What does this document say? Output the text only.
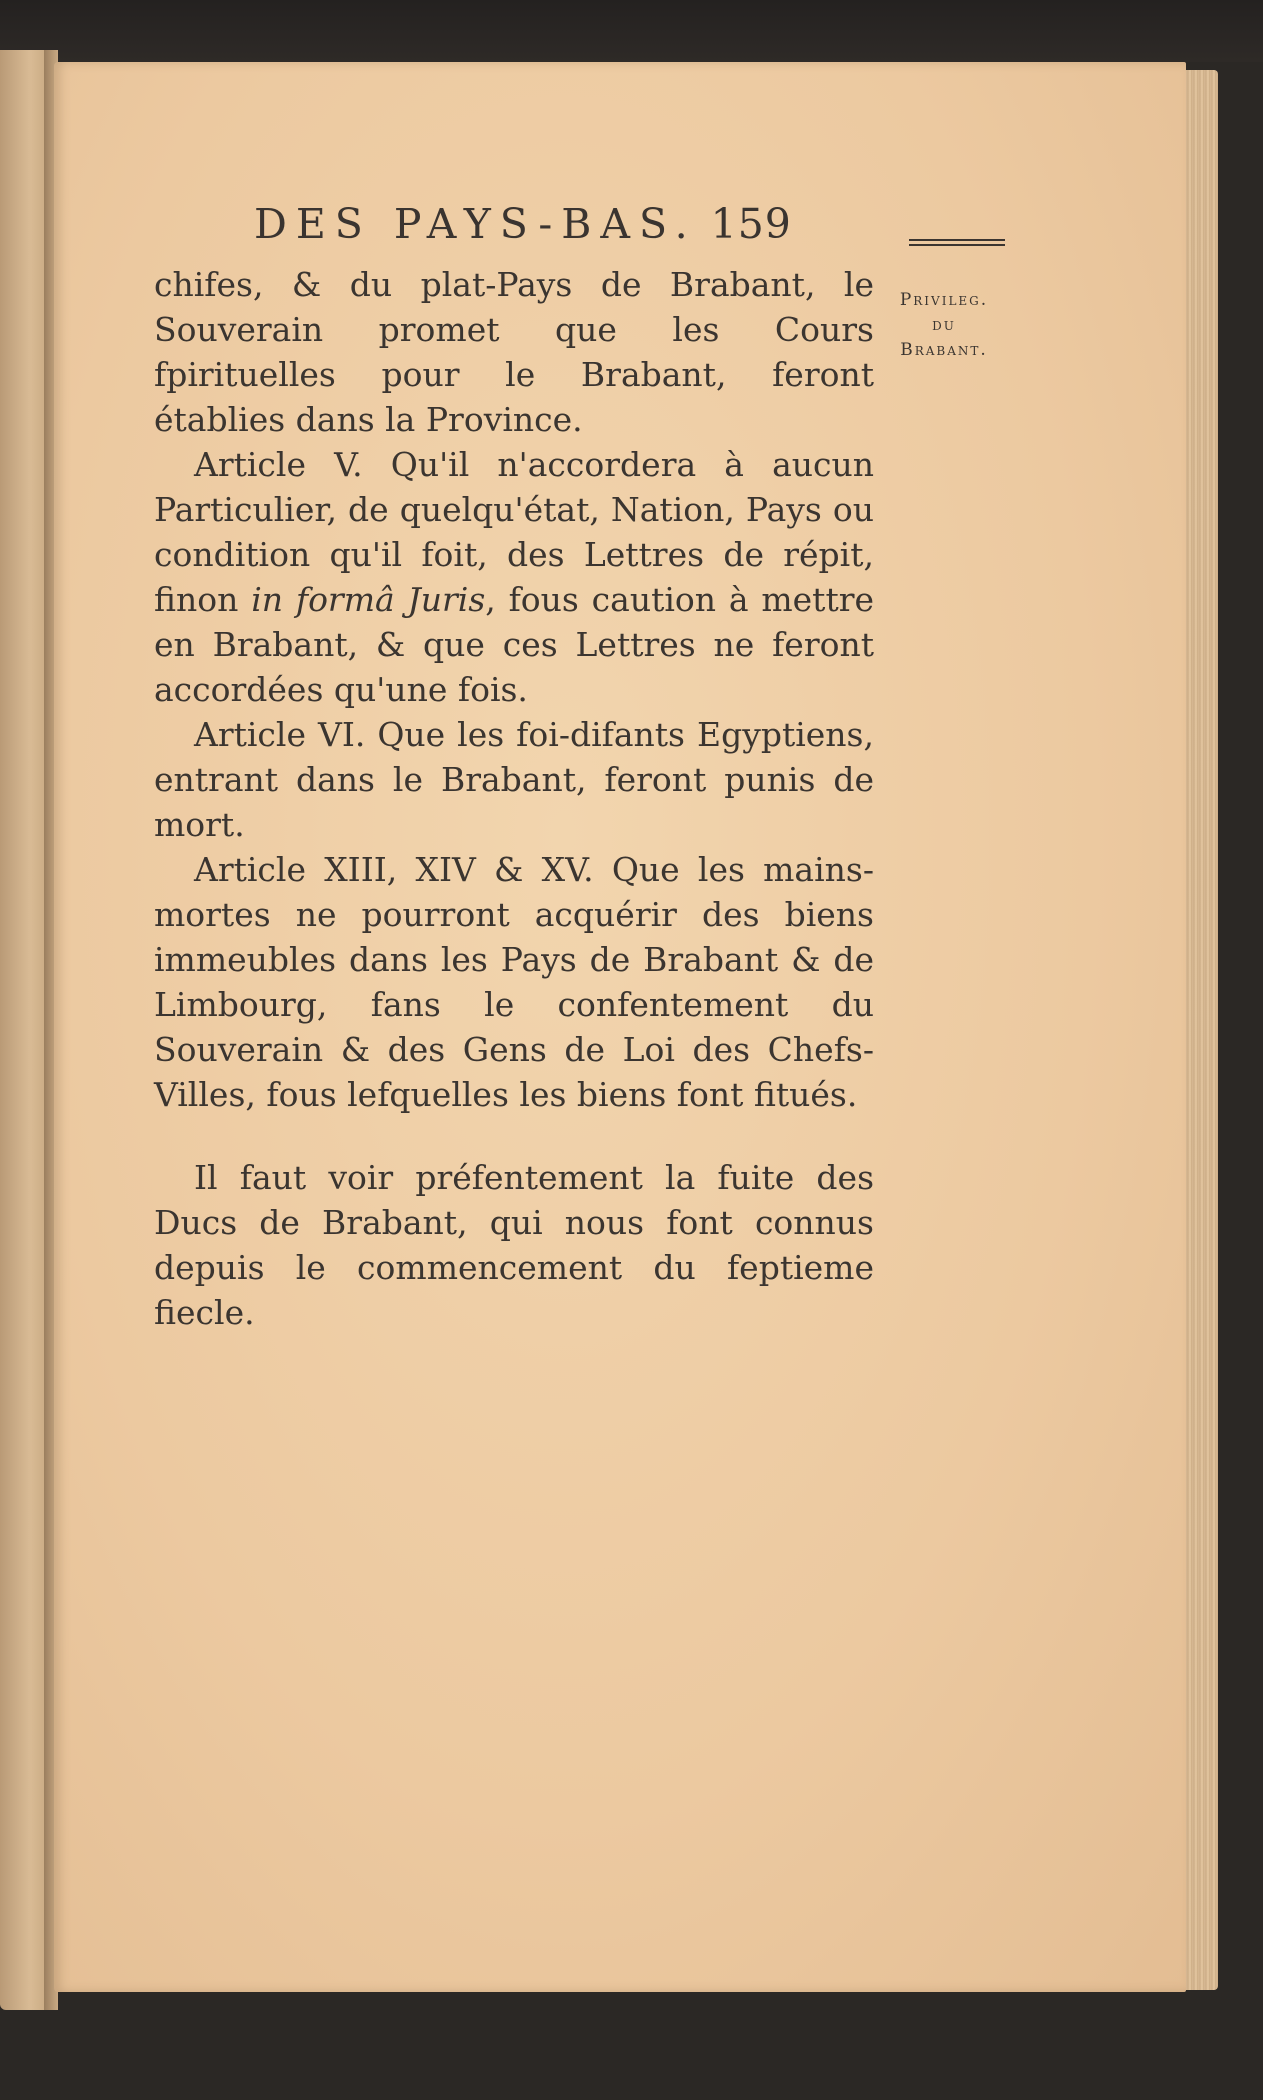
DES PAYS-BAS. 159
Privileg.
du
Brabant.

chifes, & du plat-Pays de Brabant, le Souverain promet que les Cours fpirituelles pour le Brabant, feront établies dans la Province.

Article V. Qu'il n'accordera à aucun Particulier, de quelqu'état, Nation, Pays ou condition qu'il foit, des Lettres de répit, finon in formâ Juris, fous caution à mettre en Brabant, & que ces Lettres ne feront accordées qu'une fois.

Article VI. Que les foi-difants Egyptiens, entrant dans le Brabant, feront punis de mort.

Article XIII, XIV & XV. Que les mains-mortes ne pourront acquérir des biens immeubles dans les Pays de Brabant & de Limbourg, fans le confentement du Souverain & des Gens de Loi des Chefs-Villes, fous lefquelles les biens font fitués.

Il faut voir préfentement la fuite des Ducs de Brabant, qui nous font connus depuis le commencement du feptieme fiecle.
